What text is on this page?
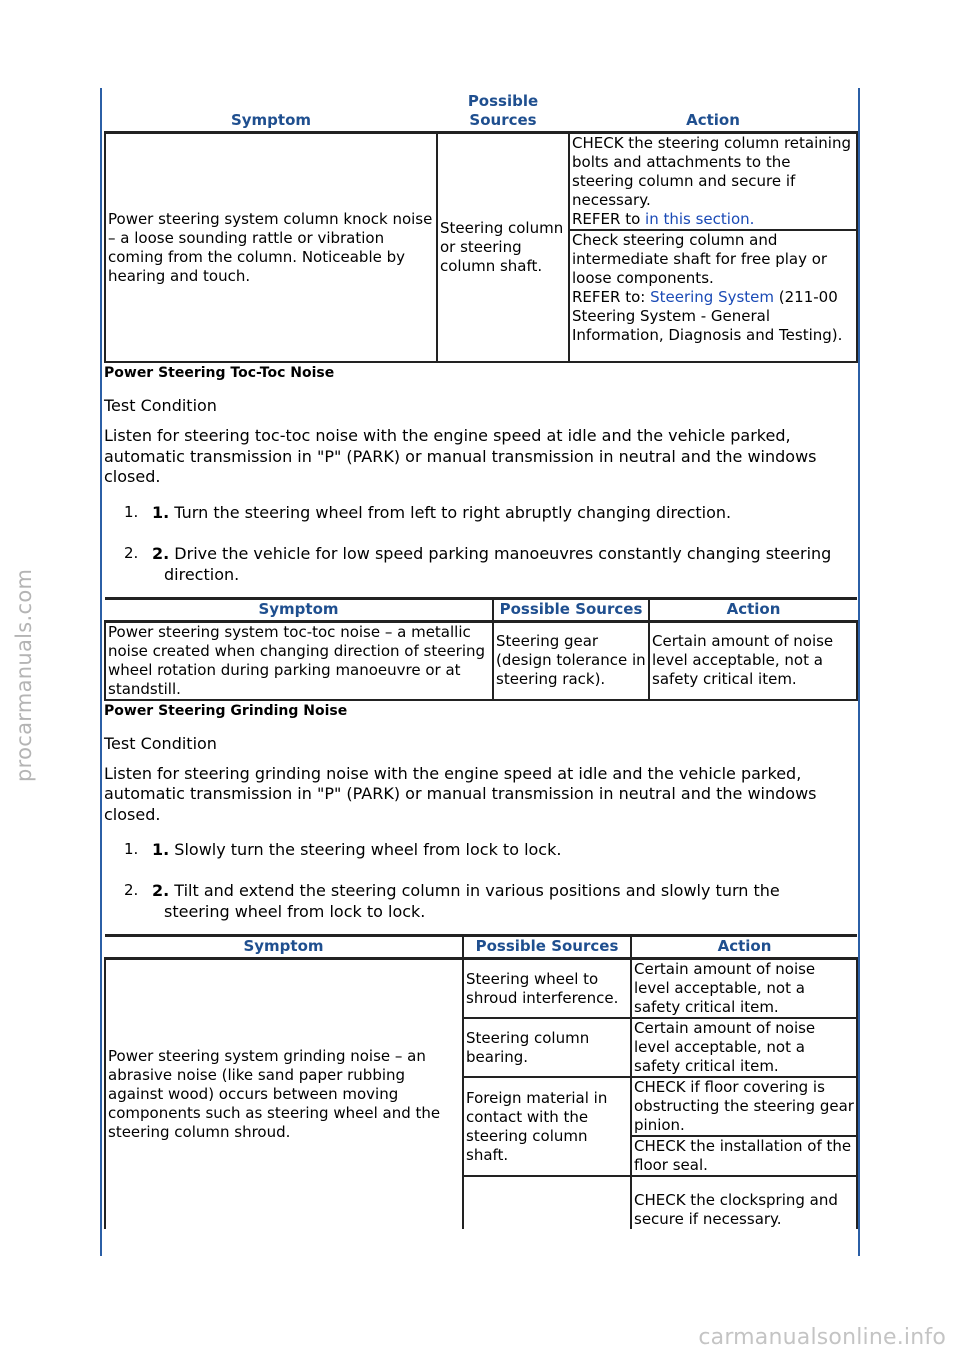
procarmanuals.com
carmanualsonline.info
Symptom	Possible Sources	Action
Power steering system column knock noise – a loose sounding rattle or vibration coming from the column. Noticeable by hearing and touch.	Steering column or steering column shaft.	CHECK the steering column retaining bolts and attachments to the steering column and secure if necessary.
REFER to in this section.
		Check steering column and intermediate shaft for free play or loose components.
REFER to: Steering System (211-00 Steering System - General Information, Diagnosis and Testing).

Power Steering Toc-Toc Noise

Test Condition

Listen for steering toc-toc noise with the engine speed at idle and the vehicle parked, automatic transmission in "P" (PARK) or manual transmission in neutral and the windows closed.

1. 1. Turn the steering wheel from left to right abruptly changing direction.
2. 2. Drive the vehicle for low speed parking manoeuvres constantly changing steering
direction.
Symptom	Possible Sources	Action
Power steering system toc-toc noise – a metallic noise created when changing direction of steering wheel rotation during parking manoeuvre or at standstill.	Steering gear (design tolerance in steering rack).	Certain amount of noise level acceptable, not a safety critical item.

Power Steering Grinding Noise

Test Condition

Listen for steering grinding noise with the engine speed at idle and the vehicle parked, automatic transmission in "P" (PARK) or manual transmission in neutral and the windows closed.

1. 1. Slowly turn the steering wheel from lock to lock.
2. 2. Tilt and extend the steering column in various positions and slowly turn the
steering wheel from lock to lock.
Symptom	Possible Sources	Action
Power steering system grinding noise – an abrasive noise (like sand paper rubbing against wood) occurs between moving components such as steering wheel and the steering column shroud.	Steering wheel to shroud interference.	Certain amount of noise level acceptable, not a safety critical item.
	Steering column bearing.	Certain amount of noise level acceptable, not a safety critical item.
	Foreign material in contact with the steering column shaft.	CHECK if floor covering is obstructing the steering gear pinion.
		CHECK the installation of the floor seal.
		CHECK the clockspring and secure if necessary.
